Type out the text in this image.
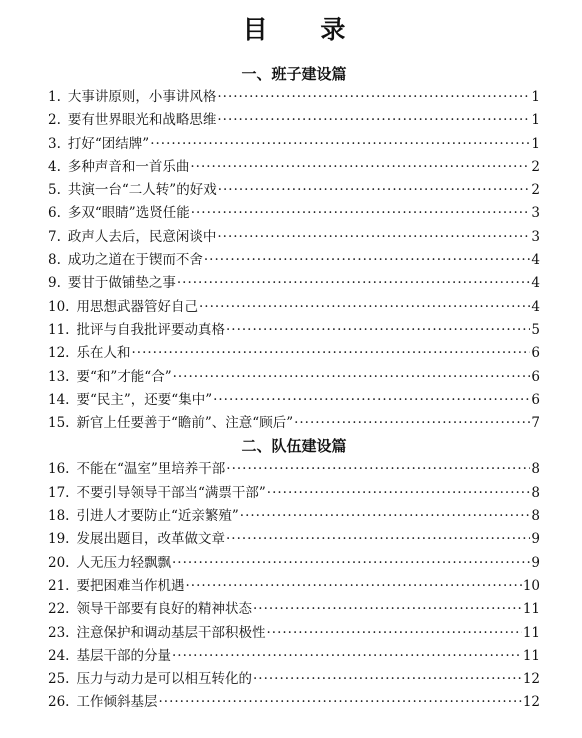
目 录
一、班子建设篇
1. 大事讲原则，小事讲风格 ·····	1
2. 要有世界眼光和战略思维 ·····	1
3. 打好“团结牌” ·····	1
4. 多种声音和一首乐曲 ·····	2
5. 共演一台“二人转”的好戏 ·····	2
6. 多双“眼睛”选贤任能 ·····	3
7. 政声人去后，民意闲谈中 ·····	3
8. 成功之道在于锲而不舍 ·····	4
9. 要甘于做铺垫之事 ·····	4
10. 用思想武器管好自己 ·····	4
11. 批评与自我批评要动真格 ·····	5
12. 乐在人和 ·····	6
13. 要“和”才能“合” ·····	6
14. 要“民主”，还要“集中” ·····	6
15. 新官上任要善于“瞻前”、注意“顾后” ·····	7
二、队伍建设篇
16. 不能在“温室”里培养干部 ·····	8
17. 不要引导领导干部当“满票干部” ·····	8
18. 引进人才要防止“近亲繁殖” ·····	8
19. 发展出题目，改革做文章 ·····	9
20. 人无压力轻飘飘 ·····	9
21. 要把困难当作机遇 ·····	10
22. 领导干部要有良好的精神状态 ·····	11
23. 注意保护和调动基层干部积极性 ·····	11
24. 基层干部的分量 ·····	11
25. 压力与动力是可以相互转化的 ·····	12
26. 工作倾斜基层 ·····	12
